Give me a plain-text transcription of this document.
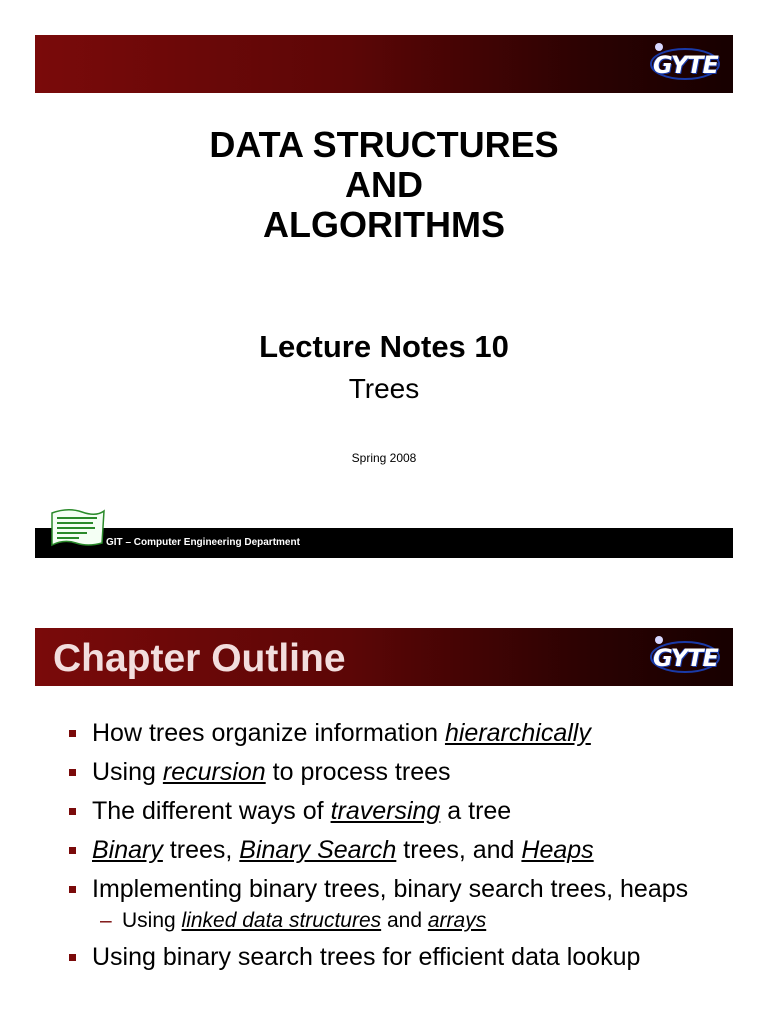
GYTE
DATA STRUCTURES
AND
ALGORITHMS
Lecture Notes 10
Trees
Spring 2008
GIT – Computer Engineering Department
Chapter Outline	GYTE
How trees organize information hierarchically
Using recursion to process trees
The different ways of traversing a tree
Binary trees, Binary Search trees, and Heaps
Implementing binary trees, binary search trees, heaps
– Using linked data structures and arrays
Using binary search trees for efficient data lookup
